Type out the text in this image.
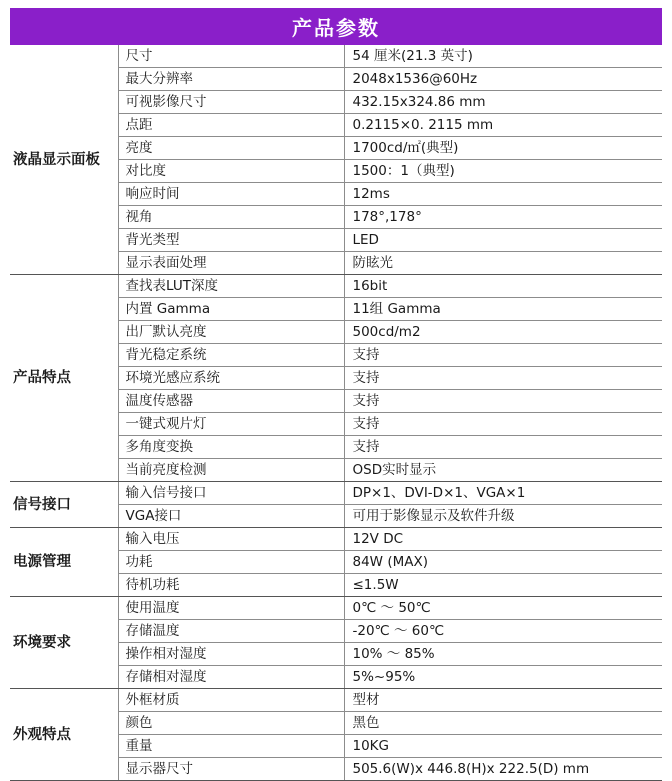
产品参数
液晶显示面板	尺寸	54 厘米(21.3 英寸)
	最大分辨率	2048x1536@60Hz
	可视影像尺寸	432.15x324.86 mm
	点距	0.2115×0. 2115 mm
	亮度	1700cd/㎡(典型)
	对比度	1500：1（典型)
	响应时间	12ms
	视角	178°,178°
	背光类型	LED
	显示表面处理	防眩光
产品特点	查找表LUT深度	16bit
	内置 Gamma	11组 Gamma
	出厂默认亮度	500cd/m2
	背光稳定系统	支持
	环境光感应系统	支持
	温度传感器	支持
	一键式观片灯	支持
	多角度变换	支持
	当前亮度检测	OSD实时显示
信号接口	输入信号接口	DP×1、DVI-D×1、VGA×1
	VGA接口	可用于影像显示及软件升级
电源管理	输入电压	12V DC
	功耗	84W (MAX)
	待机功耗	≤1.5W
环境要求	使用温度	0℃ ～ 50℃
	存储温度	-20℃ ～ 60℃
	操作相对湿度	10% ～ 85%
	存储相对湿度	5%~95%
外观特点	外框材质	型材
	颜色	黑色
	重量	10KG
	显示器尺寸	505.6(W)x 446.8(H)x 222.5(D) mm
